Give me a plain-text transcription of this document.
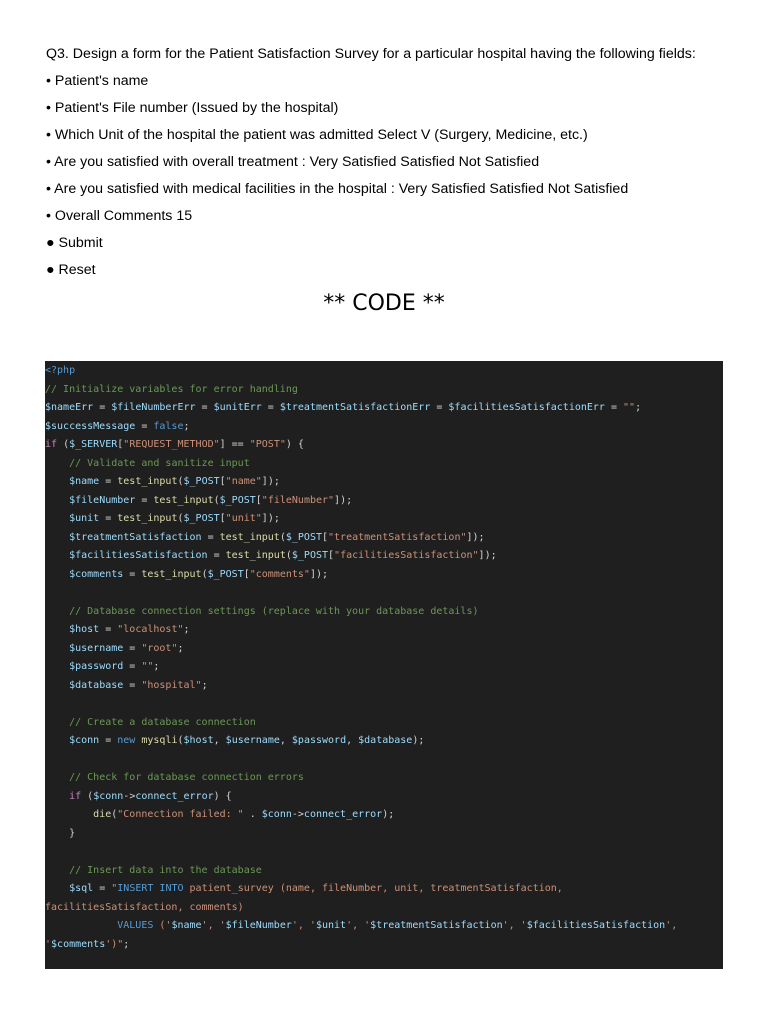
Q3. Design a form for the Patient Satisfaction Survey for a particular hospital having the following fields:
• Patient's name
• Patient's File number (Issued by the hospital)
• Which Unit of the hospital the patient was admitted Select V (Surgery, Medicine, etc.)
• Are you satisfied with overall treatment : Very Satisfied Satisfied Not Satisfied
• Are you satisfied with medical facilities in the hospital : Very Satisfied Satisfied Not Satisfied
• Overall Comments 15
● Submit
● Reset
** CODE **
<?php
// Initialize variables for error handling
$nameErr = $fileNumberErr = $unitErr = $treatmentSatisfactionErr = $facilitiesSatisfactionErr = "";
$successMessage = false;
if ($_SERVER["REQUEST_METHOD"] == "POST") {
// Validate and sanitize input
$name = test_input($_POST["name"]);
$fileNumber = test_input($_POST["fileNumber"]);
$unit = test_input($_POST["unit"]);
$treatmentSatisfaction = test_input($_POST["treatmentSatisfaction"]);
$facilitiesSatisfaction = test_input($_POST["facilitiesSatisfaction"]);
$comments = test_input($_POST["comments"]);
// Database connection settings (replace with your database details)
$host = "localhost";
$username = "root";
$password = "";
$database = "hospital";
// Create a database connection
$conn = new mysqli($host, $username, $password, $database);
// Check for database connection errors
if ($conn->connect_error) {
die("Connection failed: " . $conn->connect_error);
}
// Insert data into the database
$sql = "INSERT INTO patient_survey (name, fileNumber, unit, treatmentSatisfaction,
facilitiesSatisfaction, comments)
VALUES ('$name', '$fileNumber', '$unit', '$treatmentSatisfaction', '$facilitiesSatisfaction',
'$comments')";
